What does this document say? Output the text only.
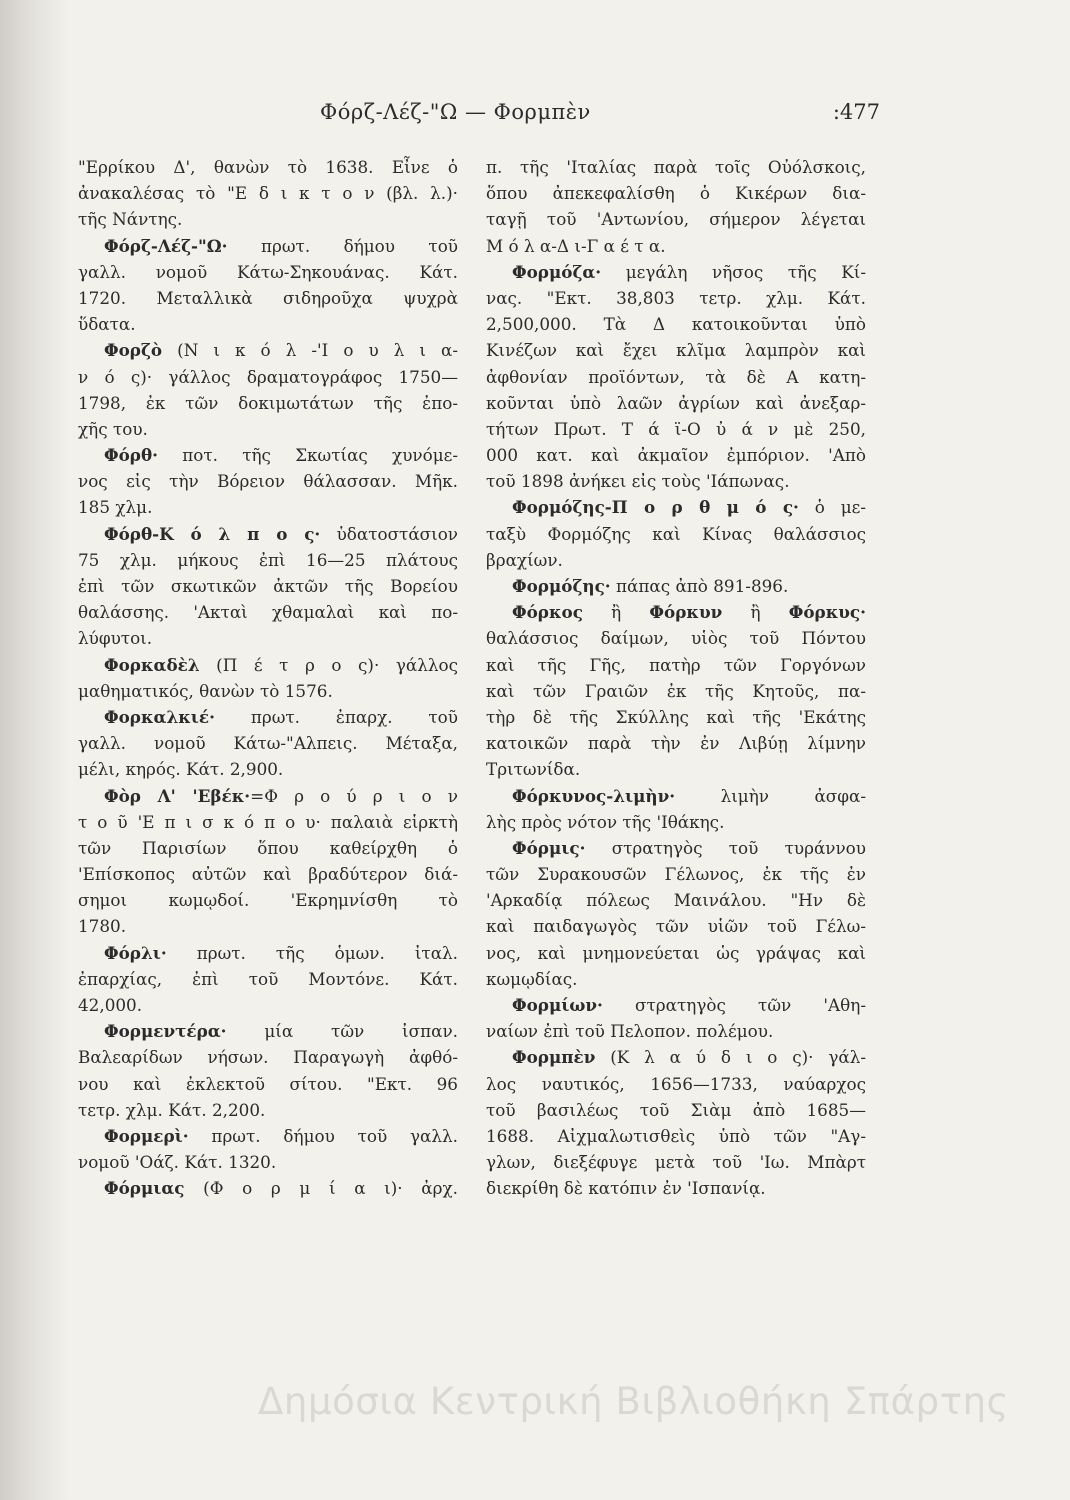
Φόρζ-Λέζ-"Ω — Φορμπὲν	:477
"Ερρίκου Δ', θανὼν τὸ 1638. Εἶνε ὁ
ἀνακαλέσας τὸ "Ε δ ι κ τ ο ν (βλ. λ.)·
τῆς Νάντης.
Φόρζ-Λέζ-"Ω· πρωτ. δήμου τοῦ
γαλλ. νομοῦ Κάτω-Σηκουάνας. Κάτ.
1720. Μεταλλικὰ σιδηροῦχα ψυχρὰ
ὕδατα.
Φορζὸ (Ν ι κ ό λ -'Ι ο υ λ ι α-
ν ό ς)· γάλλος δραματογράφος 1750—
1798, ἐκ τῶν δοκιμωτάτων τῆς ἐπο-
χῆς του.
Φόρθ· ποτ. τῆς Σκωτίας χυνόμε-
νος εἰς τὴν Βόρειον θάλασσαν. Μῆκ.
185 χλμ.
Φόρθ-Κ ό λ π ο ς· ὑδατοστάσιον
75 χλμ. μήκους ἐπὶ 16—25 πλάτους
ἐπὶ τῶν σκωτικῶν ἀκτῶν τῆς Βορείου
θαλάσσης. 'Ακταὶ χθαμαλαὶ καὶ πο-
λύφυτοι.
Φορκαδὲλ (Π έ τ ρ ο ς)· γάλλος
μαθηματικός, θανὼν τὸ 1576.
Φορκαλκιέ· πρωτ. ἐπαρχ. τοῦ
γαλλ. νομοῦ Κάτω-"Αλπεις. Μέταξα,
μέλι, κηρός. Κάτ. 2,900.
Φὸρ Λ' 'Εβέκ·=Φ ρ ο ύ ρ ι ο ν
τ ο ῦ 'Ε π ι σ κ ό π ο υ· παλαιὰ εἱρκτὴ
τῶν Παρισίων ὅπου καθείρχθη ὁ
'Επίσκοπος αὐτῶν καὶ βραδύτερον διά-
σημοι κωμῳδοί. 'Εκρημνίσθη τὸ
1780.
Φόρλι· πρωτ. τῆς ὁμων. ἰταλ.
ἐπαρχίας, ἐπὶ τοῦ Μοντόνε. Κάτ.
42,000.
Φορμεντέρα· μία τῶν ἰσπαν.
Βαλεαρίδων νήσων. Παραγωγὴ ἀφθό-
νου καὶ ἐκλεκτοῦ σίτου. "Εκτ. 96
τετρ. χλμ. Κάτ. 2,200.
Φορμερὶ· πρωτ. δήμου τοῦ γαλλ.
νομοῦ 'Οάζ. Κάτ. 1320.
Φόρμιας (Φ ο ρ μ ί α ι)· ἀρχ.
π. τῆς 'Ιταλίας παρὰ τοῖς Οὐόλσκοις,
ὅπου ἀπεκεφαλίσθη ὁ Κικέρων δια-
ταγῇ τοῦ 'Αντωνίου, σήμερον λέγεται
Μ ό λ α-Δ ι-Γ α έ τ α.
Φορμόζα· μεγάλη νῆσος τῆς Κί-
νας. "Εκτ. 38,803 τετρ. χλμ. Κάτ.
2,500,000. Τὰ Δ κατοικοῦνται ὑπὸ
Κινέζων καὶ ἔχει κλῖμα λαμπρὸν καὶ
ἀφθονίαν προϊόντων, τὰ δὲ Α κατη-
κοῦνται ὑπὸ λαῶν ἀγρίων καὶ ἀνεξαρ-
τήτων Πρωτ. Τ ά ϊ-Ο ὐ ά ν μὲ 250,
000 κατ. καὶ ἀκμαῖον ἐμπόριον. 'Απὸ
τοῦ 1898 ἀνήκει εἰς τοὺς 'Ιάπωνας.
Φορμόζης-Π ο ρ θ μ ό ς· ὁ με-
ταξὺ Φορμόζης καὶ Κίνας θαλάσσιος
βραχίων.
Φορμόζης· πάπας ἀπὸ 891-896.
Φόρκος ἢ Φόρκυν ἢ Φόρκυς·
θαλάσσιος δαίμων, υἱὸς τοῦ Πόντου
καὶ τῆς Γῆς, πατὴρ τῶν Γοργόνων
καὶ τῶν Γραιῶν ἐκ τῆς Κητοῦς, πα-
τὴρ δὲ τῆς Σκύλλης καὶ τῆς 'Εκάτης
κατοικῶν παρὰ τὴν ἐν Λιβύῃ λίμνην
Τριτωνίδα.
Φόρκυνος-λιμὴν· λιμὴν ἀσφα-
λὴς πρὸς νότον τῆς 'Ιθάκης.
Φόρμις· στρατηγὸς τοῦ τυράννου
τῶν Συρακουσῶν Γέλωνος, ἐκ τῆς ἐν
'Αρκαδίᾳ πόλεως Μαινάλου. "Ην δὲ
καὶ παιδαγωγὸς τῶν υἱῶν τοῦ Γέλω-
νος, καὶ μνημονεύεται ὡς γράψας καὶ
κωμῳδίας.
Φορμίων· στρατηγὸς τῶν 'Αθη-
ναίων ἐπὶ τοῦ Πελοπον. πολέμου.
Φορμπὲν (Κ λ α ύ δ ι ο ς)· γάλ-
λος ναυτικός, 1656—1733, ναύαρχος
τοῦ βασιλέως τοῦ Σιὰμ ἀπὸ 1685—
1688. Αἰχμαλωτισθεὶς ὑπὸ τῶν "Αγ-
γλων, διεξέφυγε μετὰ τοῦ 'Ιω. Μπὰρτ
διεκρίθη δὲ κατόπιν ἐν 'Ισπανίᾳ.
Δημόσια Κεντρική Βιβλιοθήκη Σπάρτης
